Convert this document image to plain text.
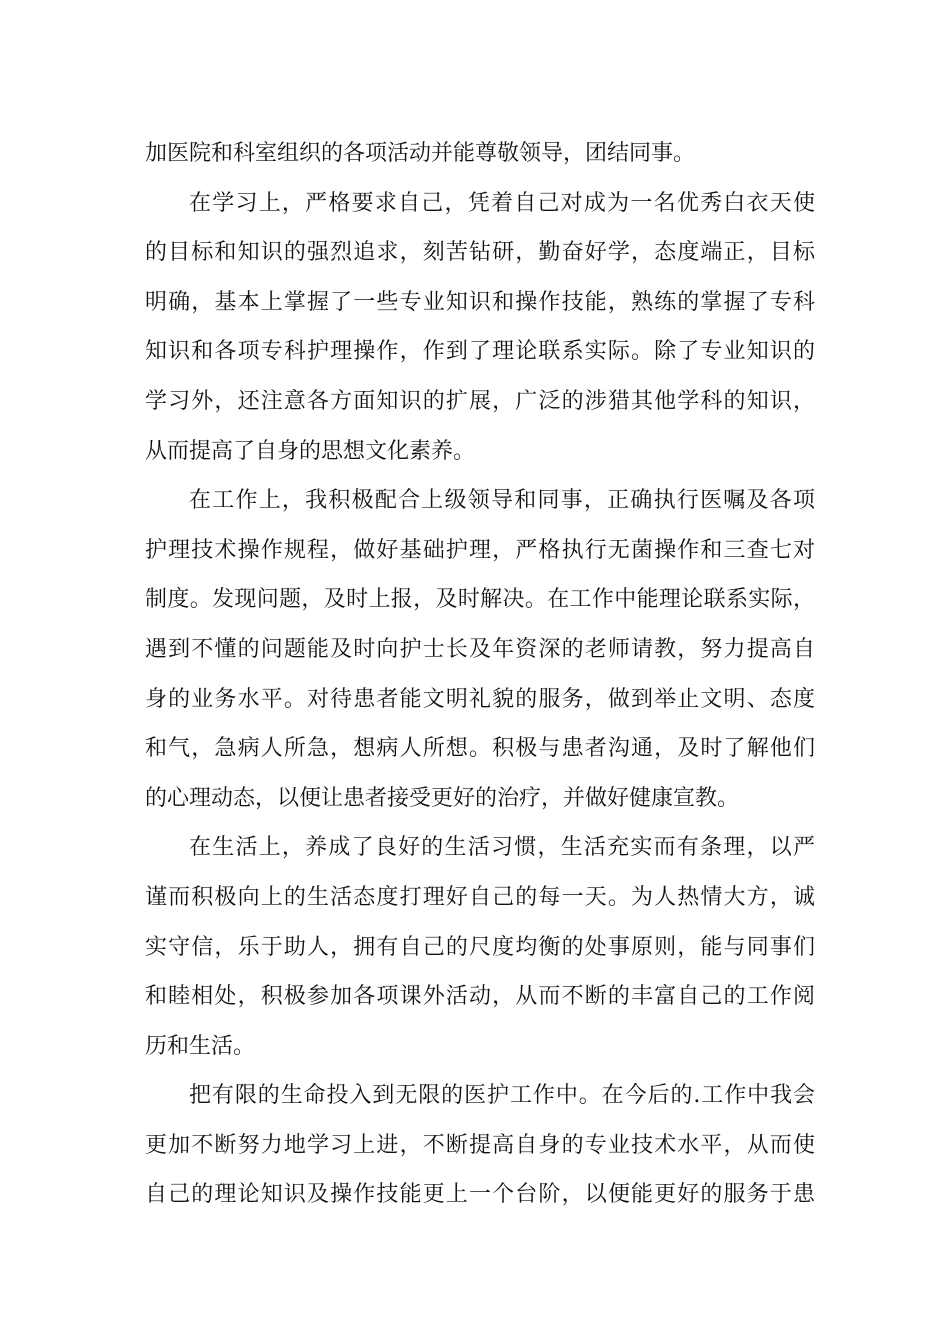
加医院和科室组织的各项活动并能尊敬领导，团结同事。
在学习上，严格要求自己，凭着自己对成为一名优秀白衣天使
的目标和知识的强烈追求，刻苦钻研，勤奋好学，态度端正，目标
明确，基本上掌握了一些专业知识和操作技能，熟练的掌握了专科
知识和各项专科护理操作，作到了理论联系实际。除了专业知识的
学习外，还注意各方面知识的扩展，广泛的涉猎其他学科的知识，
从而提高了自身的思想文化素养。
在工作上，我积极配合上级领导和同事，正确执行医嘱及各项
护理技术操作规程，做好基础护理，严格执行无菌操作和三查七对
制度。发现问题，及时上报，及时解决。在工作中能理论联系实际，
遇到不懂的问题能及时向护士长及年资深的老师请教，努力提高自
身的业务水平。对待患者能文明礼貌的服务，做到举止文明、态度
和气，急病人所急，想病人所想。积极与患者沟通，及时了解他们
的心理动态，以便让患者接受更好的治疗，并做好健康宣教。
在生活上，养成了良好的生活习惯，生活充实而有条理，以严
谨而积极向上的生活态度打理好自己的每一天。为人热情大方，诚
实守信，乐于助人，拥有自己的尺度均衡的处事原则，能与同事们
和睦相处，积极参加各项课外活动，从而不断的丰富自己的工作阅
历和生活。
把有限的生命投入到无限的医护工作中。在今后的.工作中我会
更加不断努力地学习上进，不断提高自身的专业技术水平，从而使
自己的理论知识及操作技能更上一个台阶，以便能更好的服务于患
